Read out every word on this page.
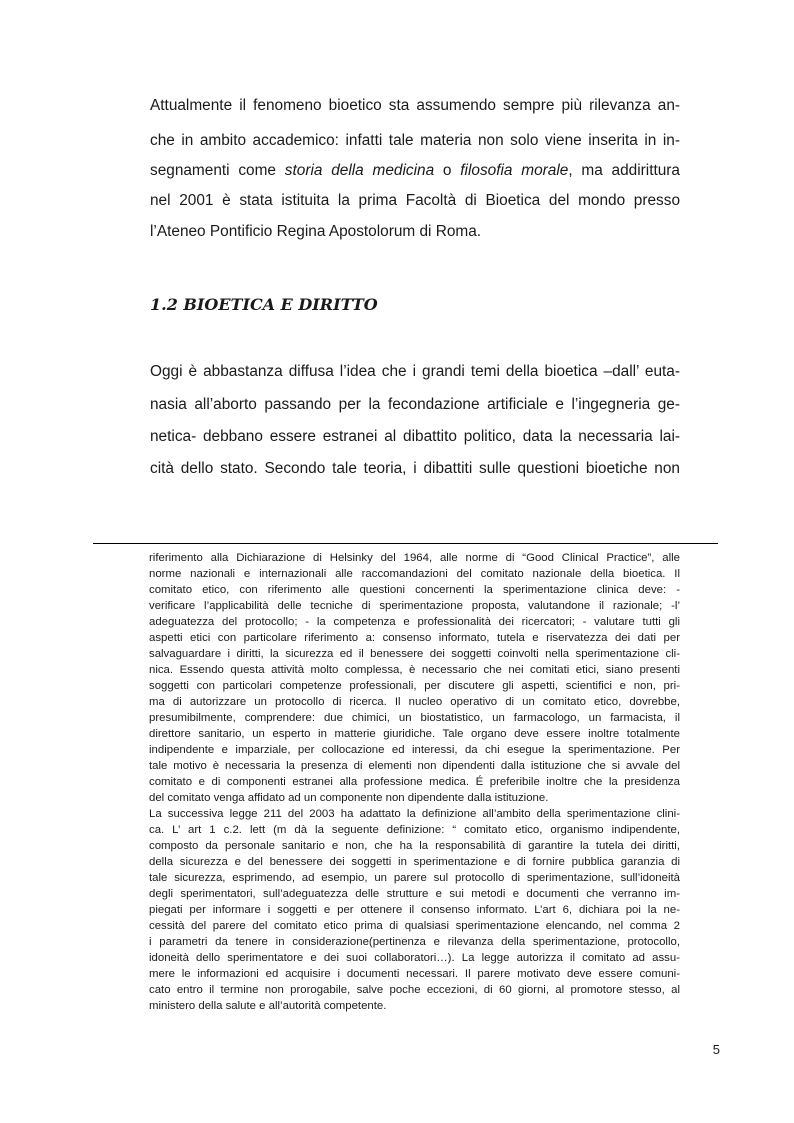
Attualmente il fenomeno bioetico sta assumendo sempre più rilevanza an-
che in ambito accademico: infatti tale materia non solo viene inserita in in-
segnamenti come storia della medicina o filosofia morale, ma addirittura
nel 2001 è stata istituita la prima Facoltà di Bioetica del mondo presso
l’Ateneo Pontificio Regina Apostolorum di Roma.
1.2 BIOETICA E DIRITTO
Oggi è abbastanza diffusa l’idea che i grandi temi della bioetica –dall’ euta-
nasia all’aborto passando per la fecondazione artificiale e l’ingegneria ge-
netica- debbano essere estranei al dibattito politico, data la necessaria lai-
cità dello stato. Secondo tale teoria, i dibattiti sulle questioni bioetiche non
riferimento alla Dichiarazione di Helsinky del 1964, alle norme di “Good Clinical Practice”, alle
norme nazionali e internazionali alle raccomandazioni del comitato nazionale della bioetica. Il
comitato etico, con riferimento alle questioni concernenti la sperimentazione clinica deve: -
verificare l’applicabilità delle tecniche di sperimentazione proposta, valutandone il razionale; -l’
adeguatezza del protocollo; - la competenza e professionalità dei ricercatori; - valutare tutti gli
aspetti etici con particolare riferimento a: consenso informato, tutela e riservatezza dei dati per
salvaguardare i diritti, la sicurezza ed il benessere dei soggetti coinvolti nella sperimentazione cli-
nica. Essendo questa attività molto complessa, è necessario che nei comitati etici, siano presenti
soggetti con particolari competenze professionali, per discutere gli aspetti, scientifici e non, pri-
ma di autorizzare un protocollo di ricerca. Il nucleo operativo di un comitato etico, dovrebbe,
presumibilmente, comprendere: due chimici, un biostatistico, un farmacologo, un farmacista, il
direttore sanitario, un esperto in matterie giuridiche. Tale organo deve essere inoltre totalmente
indipendente e imparziale, per collocazione ed interessi, da chi esegue la sperimentazione. Per
tale motivo è necessaria la presenza di elementi non dipendenti dalla istituzione che si avvale del
comitato e di componenti estranei alla professione medica. É preferibile inoltre che la presidenza
del comitato venga affidato ad un componente non dipendente dalla istituzione.
La successiva legge 211 del 2003 ha adattato la definizione all’ambito della sperimentazione clini-
ca. L’ art 1 c.2. lett (m dà la seguente definizione: “ comitato etico, organismo indipendente,
composto da personale sanitario e non, che ha la responsabilità di garantire la tutela dei diritti,
della sicurezza e del benessere dei soggetti in sperimentazione e di fornire pubblica garanzia di
tale sicurezza, esprimendo, ad esempio, un parere sul protocollo di sperimentazione, sull’idoneità
degli sperimentatori, sull’adeguatezza delle strutture e sui metodi e documenti che verranno im-
piegati per informare i soggetti e per ottenere il consenso informato. L’art 6, dichiara poi la ne-
cessità del parere del comitato etico prima di qualsiasi sperimentazione elencando, nel comma 2
i parametri da tenere in considerazione(pertinenza e rilevanza della sperimentazione, protocollo,
idoneità dello sperimentatore e dei suoi collaboratori…). La legge autorizza il comitato ad assu-
mere le informazioni ed acquisire i documenti necessari. Il parere motivato deve essere comuni-
cato entro il termine non prorogabile, salve poche eccezioni, di 60 giorni, al promotore stesso, al
ministero della salute e all’autorità competente.
5
